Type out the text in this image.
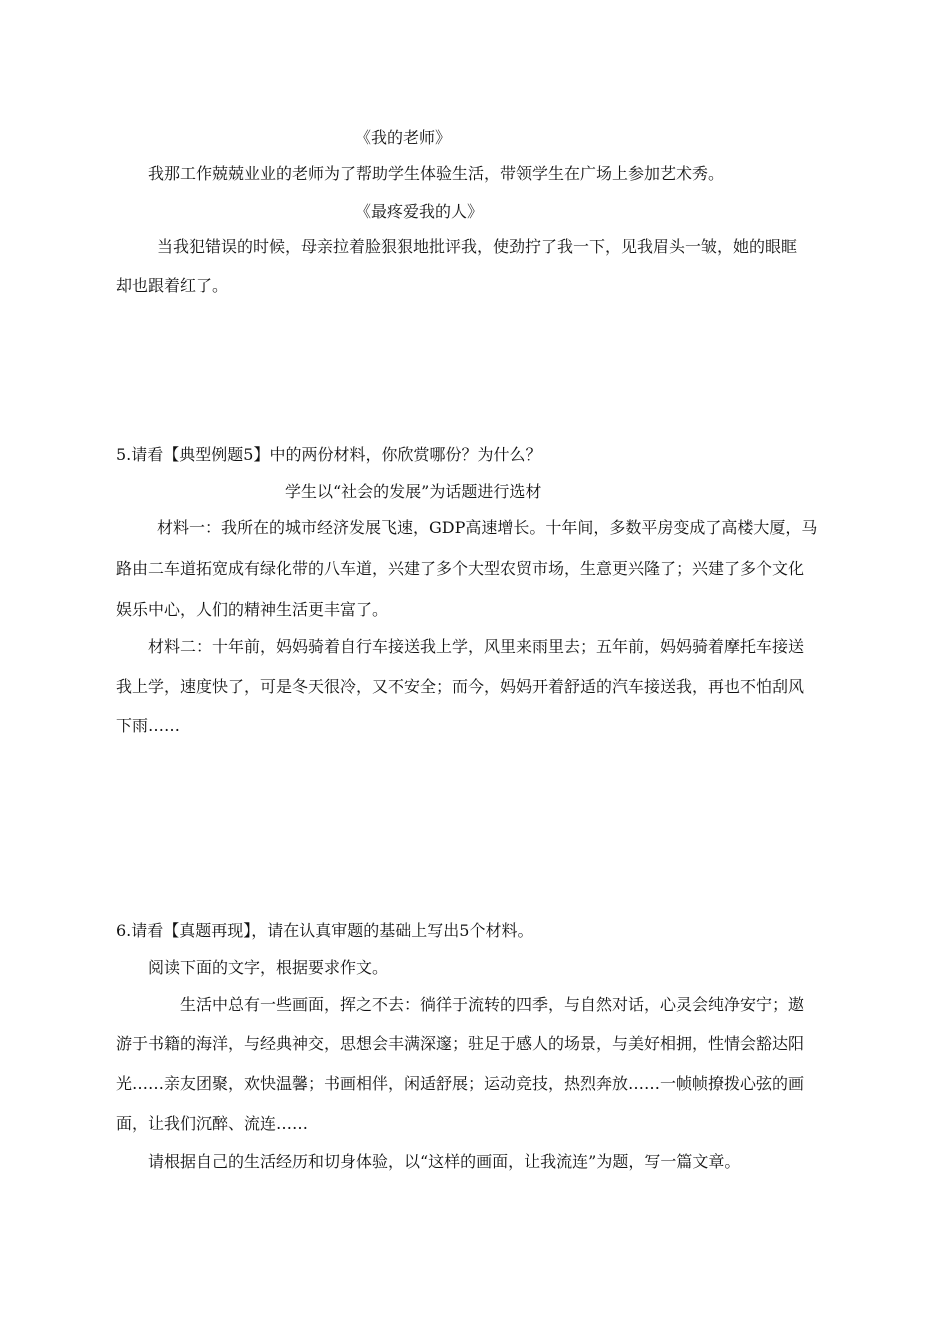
《我的老师》
我那工作兢兢业业的老师为了帮助学生体验生活，带领学生在广场上参加艺术秀。
《最疼爱我的人》
当我犯错误的时候，母亲拉着脸狠狠地批评我，使劲拧了我一下，见我眉头一皱，她的眼眶
却也跟着红了。
5.请看【典型例题5】中的两份材料，你欣赏哪份？为什么？
学生以“社会的发展”为话题进行选材
材料一：我所在的城市经济发展飞速，GDP高速增长。十年间，多数平房变成了高楼大厦，马
路由二车道拓宽成有绿化带的八车道，兴建了多个大型农贸市场，生意更兴隆了；兴建了多个文化
娱乐中心，人们的精神生活更丰富了。
材料二：十年前，妈妈骑着自行车接送我上学，风里来雨里去；五年前，妈妈骑着摩托车接送
我上学，速度快了，可是冬天很冷，又不安全；而今，妈妈开着舒适的汽车接送我，再也不怕刮风
下雨……
6.请看【真题再现】，请在认真审题的基础上写出5个材料。
阅读下面的文字，根据要求作文。
生活中总有一些画面，挥之不去：徜徉于流转的四季，与自然对话，心灵会纯净安宁；遨
游于书籍的海洋，与经典神交，思想会丰满深邃；驻足于感人的场景，与美好相拥，性情会豁达阳
光……亲友团聚，欢快温馨；书画相伴，闲适舒展；运动竞技，热烈奔放……一帧帧撩拨心弦的画
面，让我们沉醉、流连……
请根据自己的生活经历和切身体验，以“这样的画面，让我流连”为题，写一篇文章。
